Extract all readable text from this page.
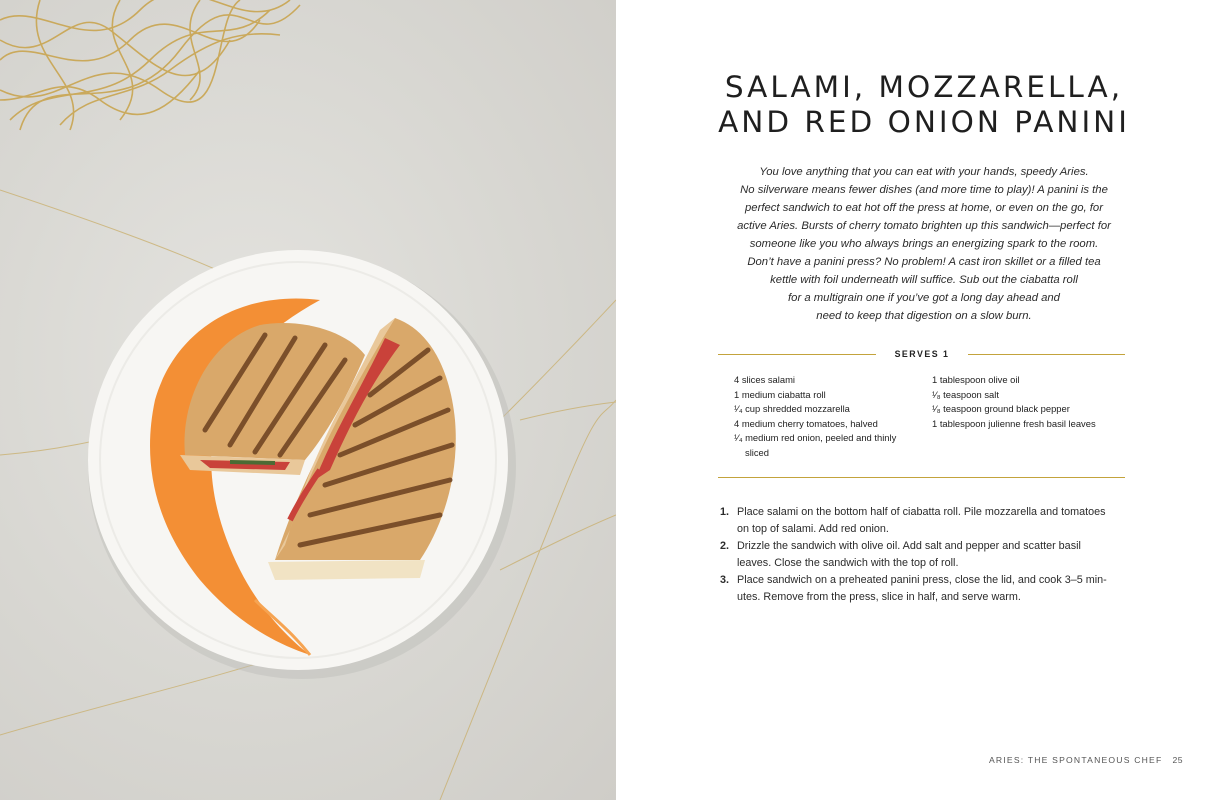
SALAMI, MOZZARELLA,
AND RED ONION PANINI

You love anything that you can eat with your hands, speedy Aries.
No silverware means fewer dishes (and more time to play)! A panini is the
perfect sandwich to eat hot off the press at home, or even on the go, for
active Aries. Bursts of cherry tomato brighten up this sandwich—perfect for
someone like you who always brings an energizing spark to the room.
Don’t have a panini press? No problem! A cast iron skillet or a filled tea
kettle with foil underneath will suffice. Sub out the ciabatta roll
for a multigrain one if you’ve got a long day ahead and
need to keep that digestion on a slow burn.

SERVES 1
4 slices salami
1 medium ciabatta roll
¹⁄₄ cup shredded mozzarella
4 medium cherry tomatoes, halved
¹⁄₄ medium red onion, peeled and thinly
sliced
1 tablespoon olive oil
¹⁄₈ teaspoon salt
¹⁄₈ teaspoon ground black pepper
1 tablespoon julienne fresh basil leaves
1. Place salami on the bottom half of ciabatta roll. Pile mozzarella and tomatoes
on top of salami. Add red onion.
2. Drizzle the sandwich with olive oil. Add salt and pepper and scatter basil
leaves. Close the sandwich with the top of roll.
3. Place sandwich on a preheated panini press, close the lid, and cook 3–5 min-
utes. Remove from the press, slice in half, and serve warm.
ARIES: THE SPONTANEOUS CHEF 25
